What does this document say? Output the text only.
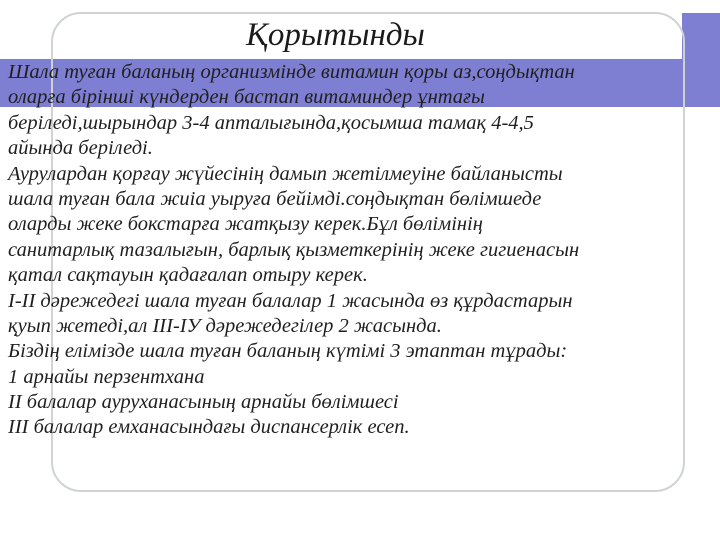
Қорытынды
Шала туған баланың организмінде витамин қоры аз,соңдықтан
оларға бірінші күндерден бастап витаминдер ұнтағы
беріледі,шырындар 3-4 апталығында,қосымша тамақ 4-4,5
айында беріледі.
Аурулардан қорғау жүйесінің дамып жетілмеуіне байланысты
шала туған бала жиіа уыруға бейімді.соңдықтан бөлімшеде
оларды жеке бокстарға жатқызу керек.Бұл бөлімінің
санитарлық тазалығын, барлық қызметкерінің жеке гигиенасын
қатал сақтауын қадағалап отыру керек.
І-ІІ дәрежедегі шала туған балалар 1 жасында өз құрдастарын
қуып жетеді,ал ІІІ-ІУ дәрежедегілер 2 жасында.
Біздің елімізде шала туған баланың күтімі 3 этаптан тұрады:
1 арнайы перзентхана
ІІ балалар ауруханасының арнайы бөлімшесі
ІІІ балалар емханасындағы диспансерлік есеп.
